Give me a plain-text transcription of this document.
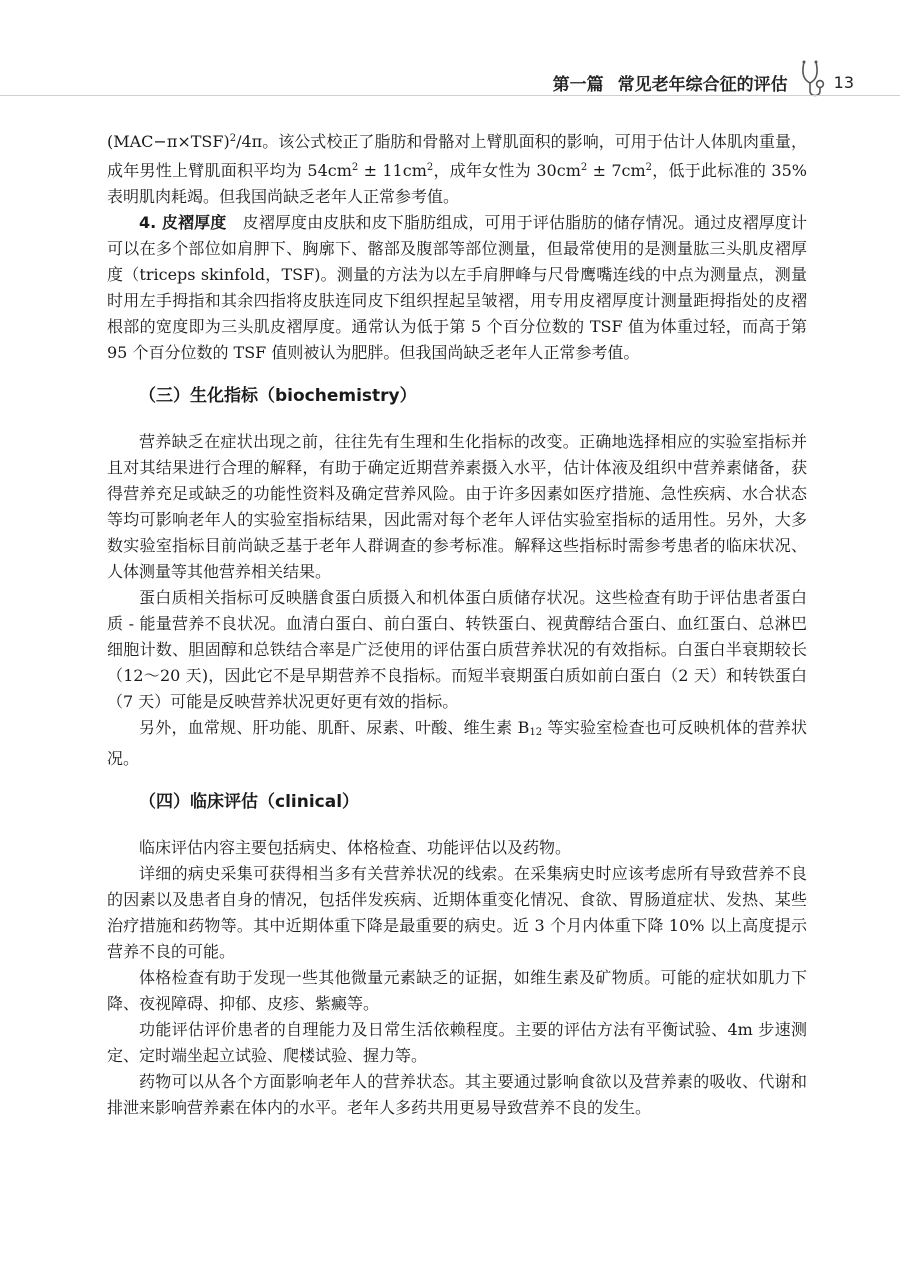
第一篇 常见老年综合征的评估	13

$(MAC-\pi\times TSF)^2/4\pi$。该公式校正了脂肪和骨骼对上臂肌面积的影响，可用于估计人体肌肉重量，成年男性上臂肌面积平均为 $54cm^2 \pm 11cm^2$，成年女性为 $30cm^2 \pm 7cm^2$，低于此标准的 35% 表明肌肉耗竭。但我国尚缺乏老年人正常参考值。

4. 皮褶厚度　皮褶厚度由皮肤和皮下脂肪组成，可用于评估脂肪的储存情况。通过皮褶厚度计可以在多个部位如肩胛下、胸廓下、髂部及腹部等部位测量，但最常使用的是测量肱三头肌皮褶厚度（triceps skinfold，TSF)。测量的方法为以左手肩胛峰与尺骨鹰嘴连线的中点为测量点，测量时用左手拇指和其余四指将皮肤连同皮下组织捏起呈皱褶，用专用皮褶厚度计测量距拇指处的皮褶根部的宽度即为三头肌皮褶厚度。通常认为低于第 5 个百分位数的 TSF 值为体重过轻，而高于第 95 个百分位数的 TSF 值则被认为肥胖。但我国尚缺乏老年人正常参考值。

（三）生化指标（biochemistry）

营养缺乏在症状出现之前，往往先有生理和生化指标的改变。正确地选择相应的实验室指标并且对其结果进行合理的解释，有助于确定近期营养素摄入水平，估计体液及组织中营养素储备，获得营养充足或缺乏的功能性资料及确定营养风险。由于许多因素如医疗措施、急性疾病、水合状态等均可影响老年人的实验室指标结果，因此需对每个老年人评估实验室指标的适用性。另外，大多数实验室指标目前尚缺乏基于老年人群调查的参考标准。解释这些指标时需参考患者的临床状况、人体测量等其他营养相关结果。

蛋白质相关指标可反映膳食蛋白质摄入和机体蛋白质储存状况。这些检查有助于评估患者蛋白质 - 能量营养不良状况。血清白蛋白、前白蛋白、转铁蛋白、视黄醇结合蛋白、血红蛋白、总淋巴细胞计数、胆固醇和总铁结合率是广泛使用的评估蛋白质营养状况的有效指标。白蛋白半衰期较长（12～20 天)，因此它不是早期营养不良指标。而短半衰期蛋白质如前白蛋白（2 天）和转铁蛋白（7 天）可能是反映营养状况更好更有效的指标。

另外，血常规、肝功能、肌酐、尿素、叶酸、维生素 $B_{12}$ 等实验室检查也可反映机体的营养状况。

（四）临床评估（clinical）

临床评估内容主要包括病史、体格检查、功能评估以及药物。

详细的病史采集可获得相当多有关营养状况的线索。在采集病史时应该考虑所有导致营养不良的因素以及患者自身的情况，包括伴发疾病、近期体重变化情况、食欲、胃肠道症状、发热、某些治疗措施和药物等。其中近期体重下降是最重要的病史。近 3 个月内体重下降 10% 以上高度提示营养不良的可能。

体格检查有助于发现一些其他微量元素缺乏的证据，如维生素及矿物质。可能的症状如肌力下降、夜视障碍、抑郁、皮疹、紫癜等。

功能评估评价患者的自理能力及日常生活依赖程度。主要的评估方法有平衡试验、4m 步速测定、定时端坐起立试验、爬楼试验、握力等。

药物可以从各个方面影响老年人的营养状态。其主要通过影响食欲以及营养素的吸收、代谢和排泄来影响营养素在体内的水平。老年人多药共用更易导致营养不良的发生。
